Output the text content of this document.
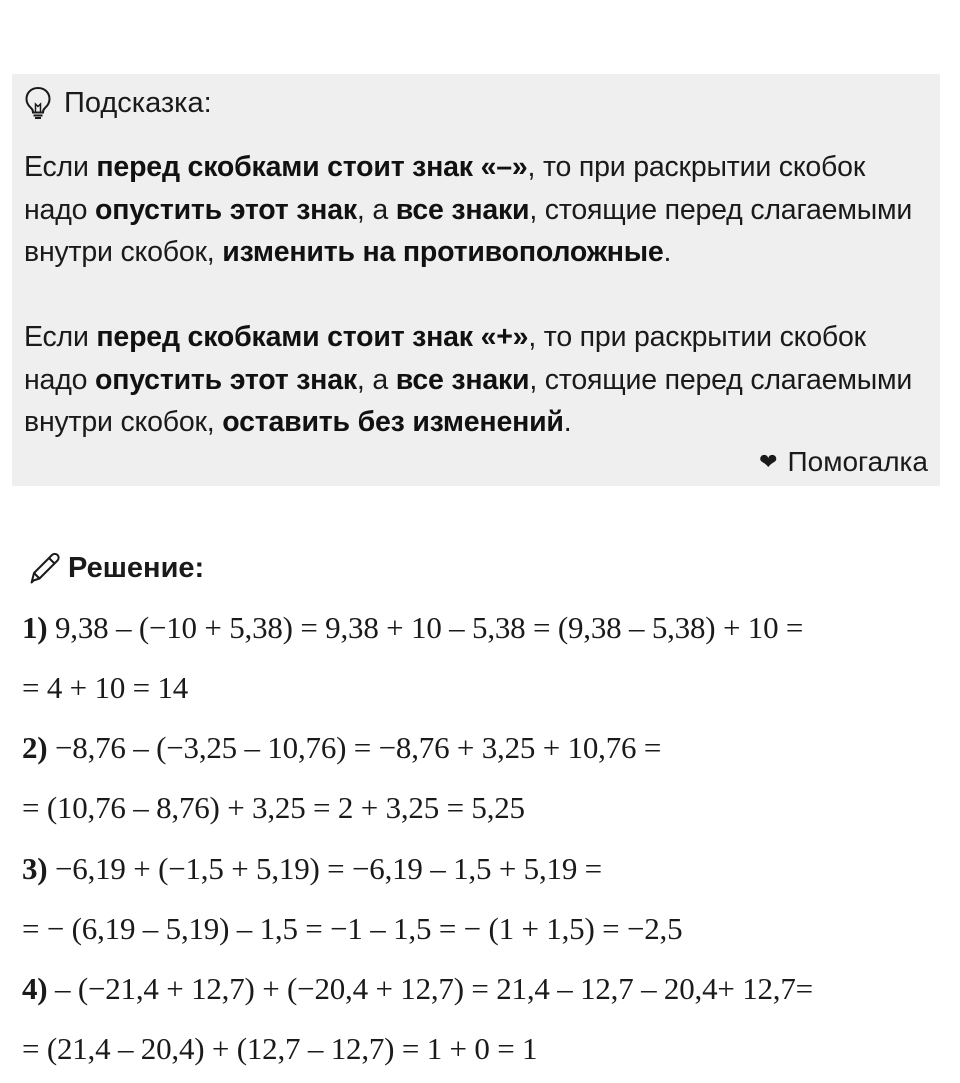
Подсказка:
Если перед скобками стоит знак «–», то при раскрытии скобок надо опустить этот знак, а все знаки, стоящие перед слагаемыми внутри скобок, изменить на противоположные.
Если перед скобками стоит знак «+», то при раскрытии скобок надо опустить этот знак, а все знаки, стоящие перед слагаемыми внутри скобок, оставить без изменений.
❤ Помогалка
Решение:
1) 9,38 – (−10 + 5,38) = 9,38 + 10 – 5,38 = (9,38 – 5,38) + 10 =
= 4 + 10 = 14
2) −8,76 – (−3,25 – 10,76) = −8,76 + 3,25 + 10,76 =
= (10,76 – 8,76) + 3,25 = 2 + 3,25 = 5,25
3) −6,19 + (−1,5 + 5,19) = −6,19 – 1,5 + 5,19 =
= − (6,19 – 5,19) – 1,5 = −1 – 1,5 = − (1 + 1,5) = −2,5
4) – (−21,4 + 12,7) + (−20,4 + 12,7) = 21,4 – 12,7 – 20,4+ 12,7=
= (21,4 – 20,4) + (12,7 – 12,7) = 1 + 0 = 1
